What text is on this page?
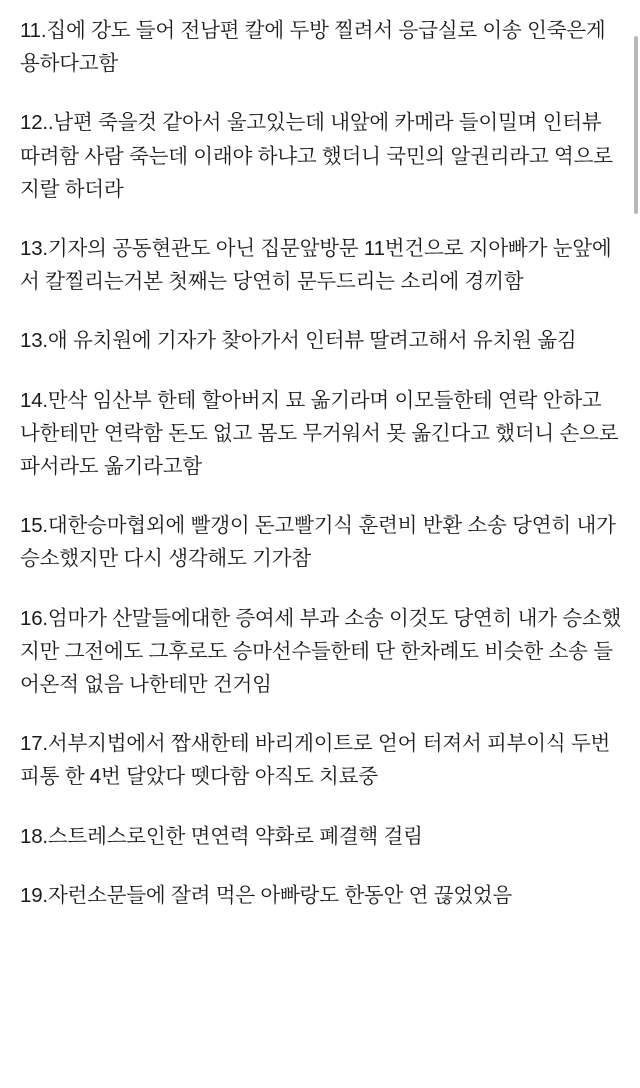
11.집에 강도 들어 전남편 칼에 두방 찔려서 응급실로 이송 인죽은게 용하다고함

12..남편 죽을것 같아서 울고있는데 내앞에 카메라 들이밀며 인터뷰 따려함 사람 죽는데 이래야 하냐고 했더니 국민의 알권리라고 역으로 지랄 하더라

13.기자의 공동현관도 아닌 집문앞방문 11번건으로 지아빠가 눈앞에서 칼찔리는거본 첫째는 당연히 문두드리는 소리에 경끼함

13.애 유치원에 기자가 찾아가서 인터뷰 딸려고해서 유치원 옮김

14.만삭 임산부 한테 할아버지 묘 옮기라며 이모들한테 연락 안하고 나한테만 연락함 돈도 없고 몸도 무거워서 못 옮긴다고 했더니 손으로 파서라도 옮기라고함

15.대한승마협외에 빨갱이 돈고빨기식 훈련비 반환 소송 당연히 내가 승소했지만 다시 생각해도 기가참

16.엄마가 산말들에대한 증여세 부과 소송 이것도 당연히 내가 승소했지만 그전에도 그후로도 승마선수들한테 단 한차례도 비슷한 소송 들어온적 없음 나한테만 건거임

17.서부지법에서 짭새한테 바리게이트로 얻어 터져서 피부이식 두번 피통 한 4번 달았다 뗏다함 아직도 치료중

18.스트레스로인한 면연력 약화로 폐결핵 걸림

19.자런소문들에 잘려 먹은 아빠랑도 한동안 연 끊었었음
